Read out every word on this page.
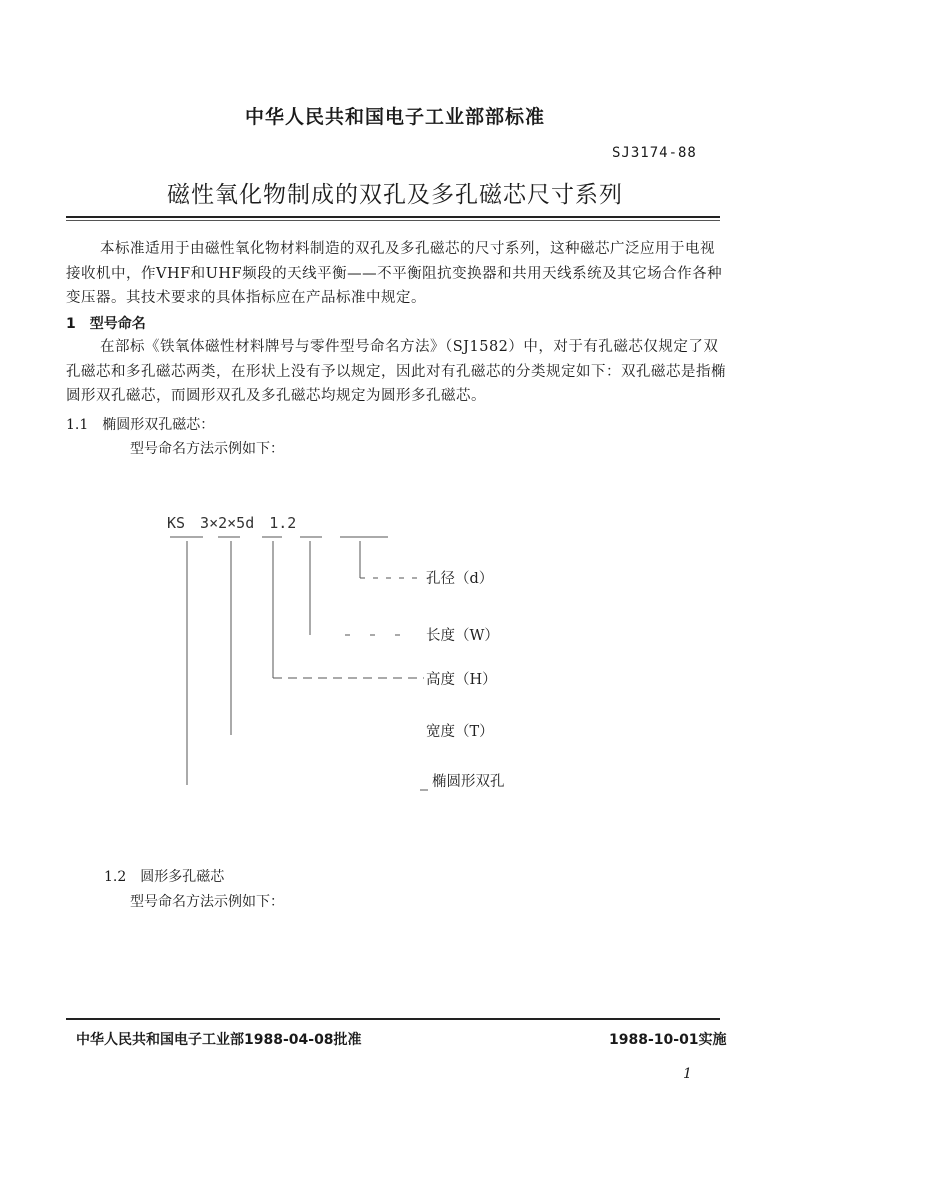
中华人民共和国电子工业部部标准
SJ3174-88
磁性氧化物制成的双孔及多孔磁芯尺寸系列
本标准适用于由磁性氧化物材料制造的双孔及多孔磁芯的尺寸系列，这种磁芯广泛应用于电视接收机中，作VHF和UHF频段的天线平衡——不平衡阻抗变换器和共用天线系统及其它场合作各种变压器。其技术要求的具体指标应在产品标准中规定。
1　型号命名
在部标《铁氧体磁性材料牌号与零件型号命名方法》（SJ1582）中，对于有孔磁芯仅规定了双孔磁芯和多孔磁芯两类，在形状上没有予以规定，因此对有孔磁芯的分类规定如下：双孔磁芯是指椭圆形双孔磁芯，而圆形双孔及多孔磁芯均规定为圆形多孔磁芯。
1.1　椭圆形双孔磁芯：
型号命名方法示例如下：
KS　3×2×5d　1.2
孔径（d）
长度（W）
高度（H）
宽度（T）
椭圆形双孔
1.2　圆形多孔磁芯
型号命名方法示例如下：
中华人民共和国电子工业部1988-04-08批准	1988-10-01实施
1
